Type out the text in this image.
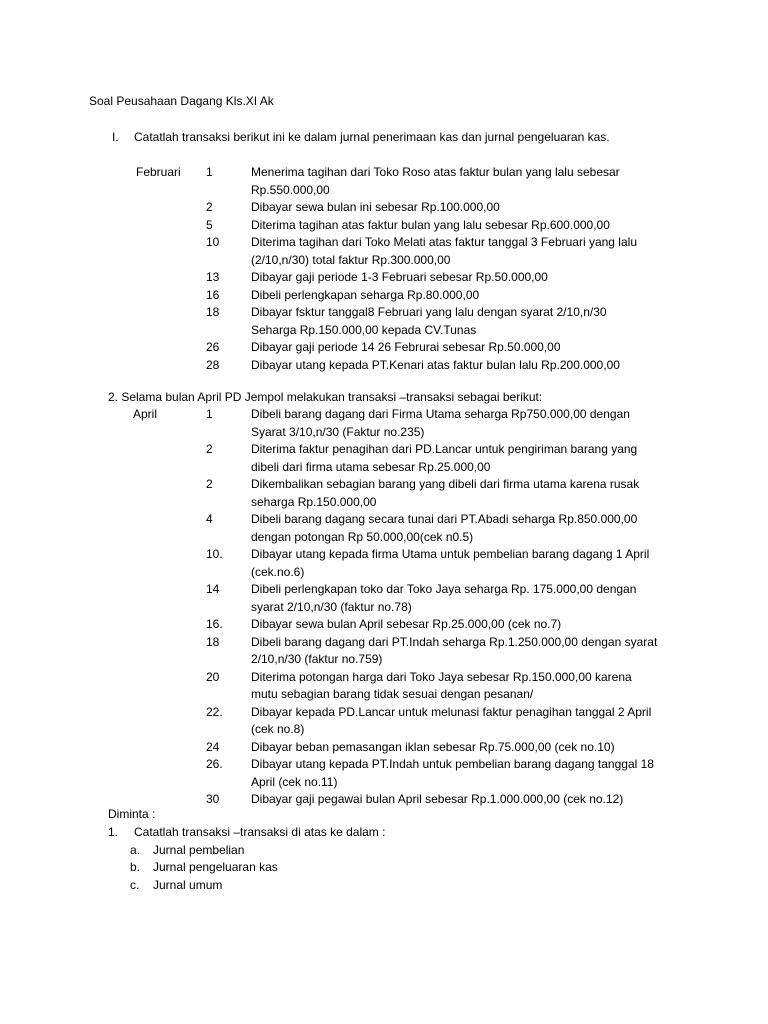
Soal Peusahaan Dagang Kls.XI Ak
I. Catatlah transaksi berikut ini ke dalam jurnal penerimaan kas dan jurnal pengeluaran kas.
Februari 1	Menerima tagihan dari Toko Roso atas faktur bulan yang lalu sebesar
Rp.550.000,00
2	Dibayar sewa bulan ini sebesar Rp.100.000,00
5	Diterima tagihan atas faktur bulan yang lalu sebesar Rp.600.000,00
10	Diterima tagihan dari Toko Melati atas faktur tanggal 3 Februari yang lalu
(2/10,n/30) total faktur Rp.300.000,00
13	Dibayar gaji periode 1-3 Februari sebesar Rp.50.000,00
16	Dibeli perlengkapan seharga Rp.80.000,00
18	Dibayar fsktur tanggal8 Februari yang lalu dengan syarat 2/10,n/30
Seharga Rp.150.000,00 kepada CV.Tunas
26	Dibayar gaji periode 14 26 Februrai sebesar Rp.50.000,00
28	Dibayar utang kepada PT.Kenari atas faktur bulan lalu Rp.200.000,00
2. Selama bulan April PD Jempol melakukan transaksi –transaksi sebagai berikut:
April	1	Dibeli barang dagang dari Firma Utama seharga Rp750.000,00 dengan
Syarat 3/10,n/30 (Faktur no.235)
2	Diterima faktur penagihan dari PD.Lancar untuk pengiriman barang yang
dibeli dari firma utama sebesar Rp.25.000,00
2	Dikembalikan sebagian barang yang dibeli dari firma utama karena rusak
seharga Rp.150.000,00
4	Dibeli barang dagang secara tunai dari PT.Abadi seharga Rp.850.000,00
dengan potongan Rp 50.000,00(cek n0.5)
10.	Dibayar utang kepada firma Utama untuk pembelian barang dagang 1 April
(cek.no.6)
14	Dibeli perlengkapan toko dar Toko Jaya seharga Rp. 175.000,00 dengan
syarat 2/10,n/30 (faktur no.78)
16.	Dibayar sewa bulan April sebesar Rp.25.000,00 (cek no.7)
18	Dibeli barang dagang dari PT.Indah seharga Rp.1.250.000,00 dengan syarat
2/10,n/30 (faktur no.759)
20	Diterima potongan harga dari Toko Jaya sebesar Rp.150.000,00 karena
mutu sebagian barang tidak sesuai dengan pesanan/
22.	Dibayar kepada PD.Lancar untuk melunasi faktur penagihan tanggal 2 April
(cek no.8)
24	Dibayar beban pemasangan iklan sebesar Rp.75.000,00 (cek no.10)
26.	Dibayar utang kepada PT.Indah untuk pembelian barang dagang tanggal 18
April (cek no.11)
30	Dibayar gaji pegawai bulan April sebesar Rp.1.000.000,00 (cek no.12)
Diminta :
1. Catatlah transaksi –transaksi di atas ke dalam :
a. Jurnal pembelian
b. Jurnal pengeluaran kas
c. Jurnal umum
